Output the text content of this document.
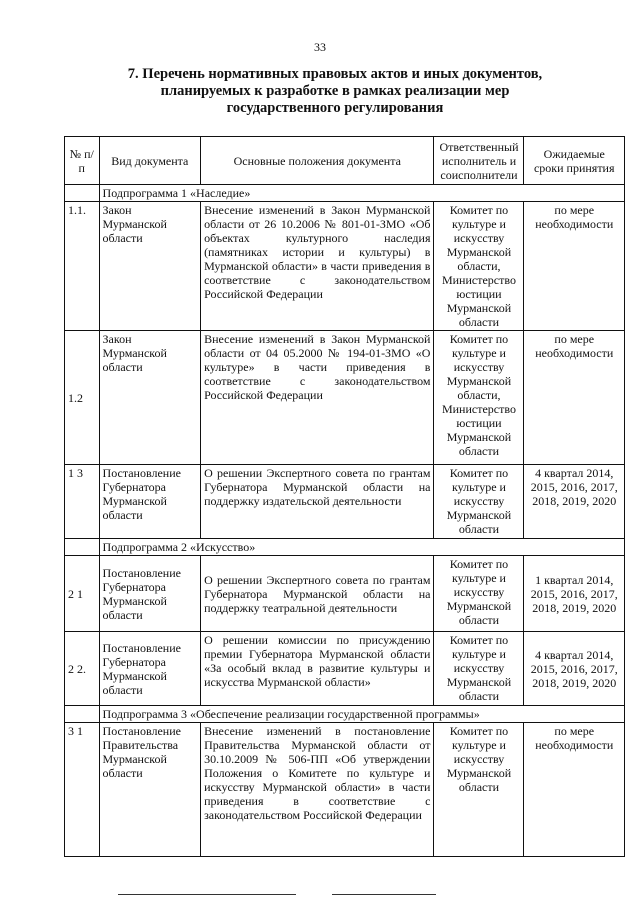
33
7. Перечень нормативных правовых актов и иных документов,
планируемых к разработке в рамках реализации мер
государственного регулирования
№ п/п	Вид документа	Основные положения документа	Ответственный исполнитель и соисполнители	Ожидаемые сроки принятия
	Подпрограмма 1 «Наследие»			
1.1.	Закон Мурманской области	Внесение изменений в Закон Мурманской области от 26 10.2006 № 801-01-ЗМО «Об объектах культурного наследия (памятниках истории и культуры) в Мурманской области» в части приведения в соответствие с законодательством Российской Федерации	Комитет по культуре и искусству Мурманской области, Министерство юстиции Мурманской области	по мере необходимости
1.2	Закон Мурманской области	Внесение изменений в Закон Мурманской области от 04 05.2000 № 194-01-ЗМО «О культуре» в части приведения в соответствие с законодательством Российской Федерации	Комитет по культуре и искусству Мурманской области, Министерство юстиции Мурманской области	по мере необходимости
1 3	Постановление Губернатора Мурманской области	О решении Экспертного совета по грантам Губернатора Мурманской области на поддержку издательской деятельности	Комитет по культуре и искусству Мурманской области	4 квартал 2014, 2015, 2016, 2017, 2018, 2019, 2020
	Подпрограмма 2 «Искусство»			
2 1	Постановление Губернатора Мурманской области	О решении Экспертного совета по грантам Губернатора Мурманской области на поддержку театральной деятельности	Комитет по культуре и искусству Мурманской области	1 квартал 2014, 2015, 2016, 2017, 2018, 2019, 2020
2 2.	Постановление Губернатора Мурманской области	О решении комиссии по присуждению премии Губернатора Мурманской области «За особый вклад в развитие культуры и искусства Мурманской области»	Комитет по культуре и искусству Мурманской области	4 квартал 2014, 2015, 2016, 2017, 2018, 2019, 2020
	Подпрограмма 3 «Обеспечение реализации государственной программы»			
3 1	Постановление Правительства Мурманской области	Внесение изменений в постановление Правительства Мурманской области от 30.10.2009 № 506-ПП «Об утверждении Положения о Комитете по культуре и искусству Мурманской области» в части приведения в соответствие с законодательством Российской Федерации	Комитет по культуре и искусству Мурманской области	по мере необходимости
